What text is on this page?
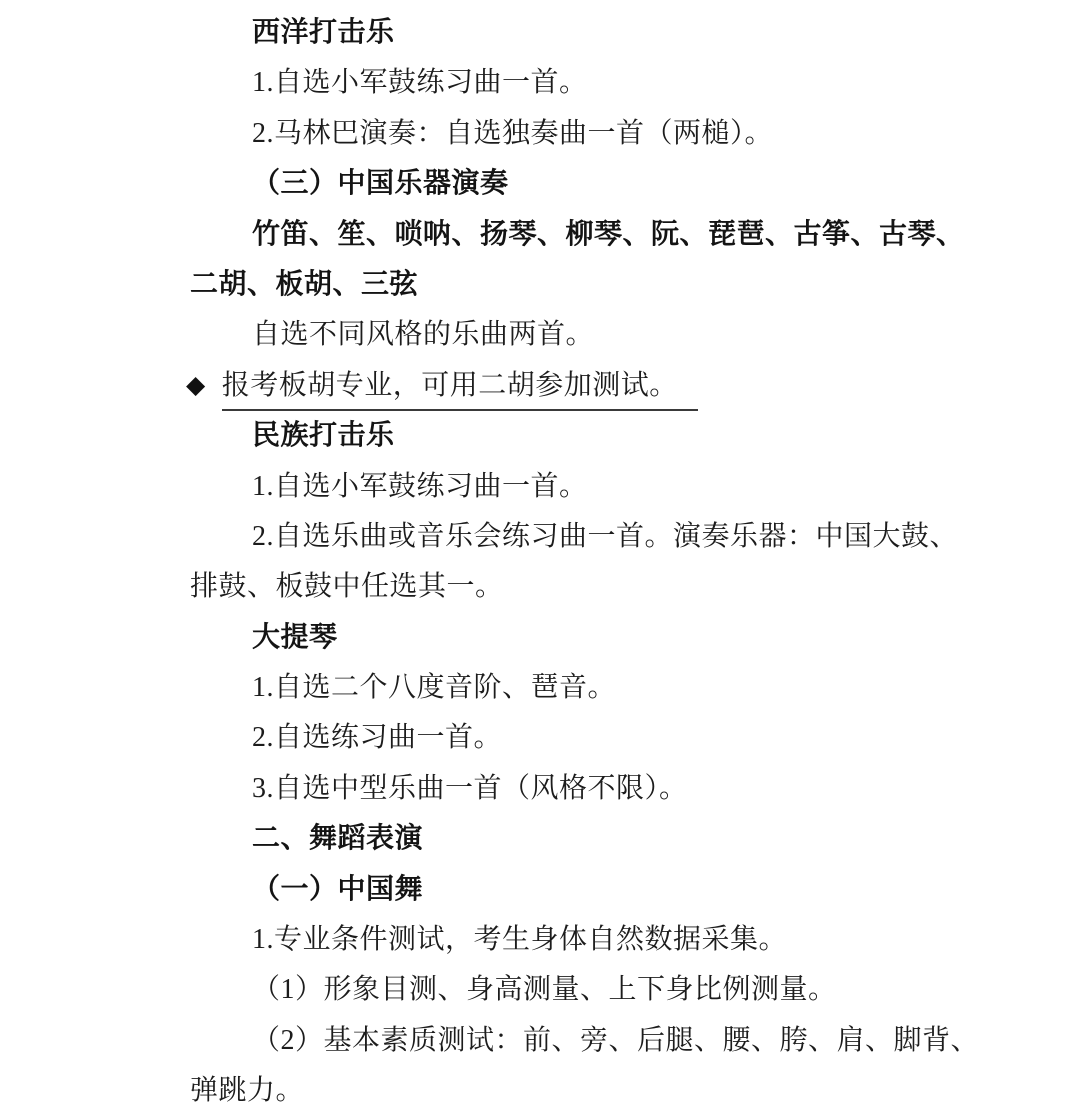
西洋打击乐
1.自选小军鼓练习曲一首。
2.马林巴演奏：自选独奏曲一首（两槌）。
（三）中国乐器演奏
竹笛、笙、唢呐、扬琴、柳琴、阮、琵琶、古筝、古琴、
二胡、板胡、三弦
自选不同风格的乐曲两首。
◆ 报考板胡专业，可用二胡参加测试。
民族打击乐
1.自选小军鼓练习曲一首。
2.自选乐曲或音乐会练习曲一首。演奏乐器：中国大鼓、
排鼓、板鼓中任选其一。
大提琴
1.自选二个八度音阶、琶音。
2.自选练习曲一首。
3.自选中型乐曲一首（风格不限）。
二、舞蹈表演
（一）中国舞
1.专业条件测试，考生身体自然数据采集。
（1）形象目测、身高测量、上下身比例测量。
（2）基本素质测试：前、旁、后腿、腰、胯、肩、脚背、
弹跳力。
